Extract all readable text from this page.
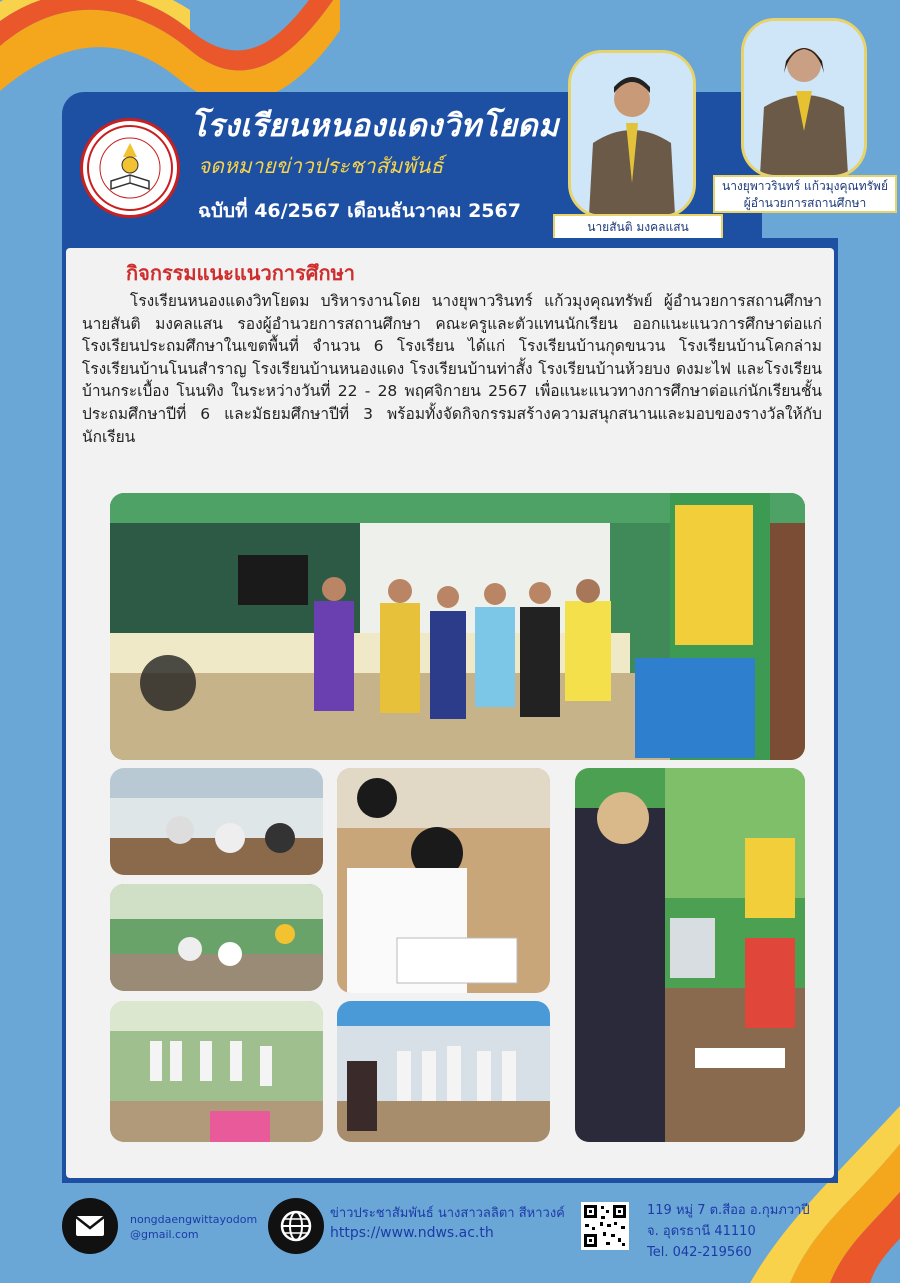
โรงเรียนหนองแดงวิทโยดม
จดหมายข่าวประชาสัมพันธ์
ฉบับที่ 46/2567 เดือนธันวาคม 2567
นายสันติ มงคลแสน
นางยุพาวรินทร์ แก้วมุงคุณทรัพย์
ผู้อำนวยการสถานศึกษา
กิจกรรมแนะแนวการศึกษา
โรงเรียนหนองแดงวิทโยดม บริหารงานโดย นางยุพาวรินทร์ แก้วมุงคุณทรัพย์ ผู้อำนวยการสถานศึกษา นายสันติ มงคลแสน รองผู้อำนวยการสถานศึกษา คณะครูและตัวแทนนักเรียน ออกแนะแนวการศึกษาต่อแก่โรงเรียนประถมศึกษาในเขตพื้นที่ จำนวน 6 โรงเรียน ได้แก่ โรงเรียนบ้านกุดขนวน โรงเรียนบ้านโคกล่าม โรงเรียนบ้านโนนสำราญ โรงเรียนบ้านหนองแดง โรงเรียนบ้านท่าสั้ง โรงเรียนบ้านห้วยบง ดงมะไฟ และโรงเรียนบ้านกระเบื้อง โนนทิง ในระหว่างวันที่ 22 - 28 พฤศจิกายน 2567 เพื่อแนะแนวทางการศึกษาต่อแก่นักเรียนชั้นประถมศึกษาปีที่ 6 และมัธยมศึกษาปีที่ 3 พร้อมทั้งจัดกิจกรรมสร้างความสนุกสนานและมอบของรางวัลให้กับนักเรียน
nongdaengwittayodom@gmail.com
ข่าวประชาสัมพันธ์ นางสาวลลิตา สีหาวงค์
https://www.ndws.ac.th
119 หมู่ 7 ต.สีออ อ.กุมภวาปี
จ. อุดรธานี 41110
Tel. 042-219560
